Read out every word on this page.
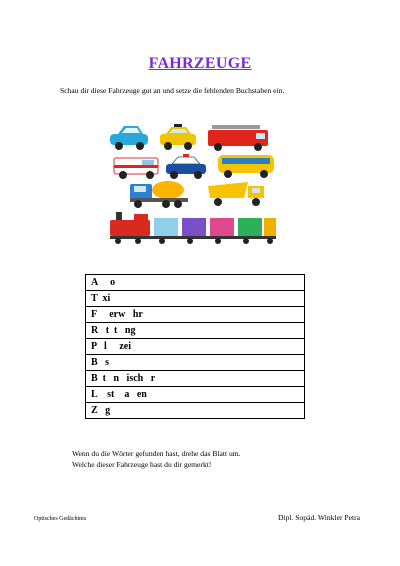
FAHRZEUGE
Schau dir diese Fahrzeuge gut an und setze die fehlenden Buchstaben ein.
A     o
T  xi
F     erw   hr
R   t  t   ng
P   l     zei
B   s
B  t   n   isch   r
L    st    a   en
Z   g
Wenn du die Wörter gefunden hast, drehe das Blatt um.
Welche dieser Fahrzeuge hast du dir gemerkt!
Optisches Gedächtnis	Dipl. Sopäd. Winkler Petra
